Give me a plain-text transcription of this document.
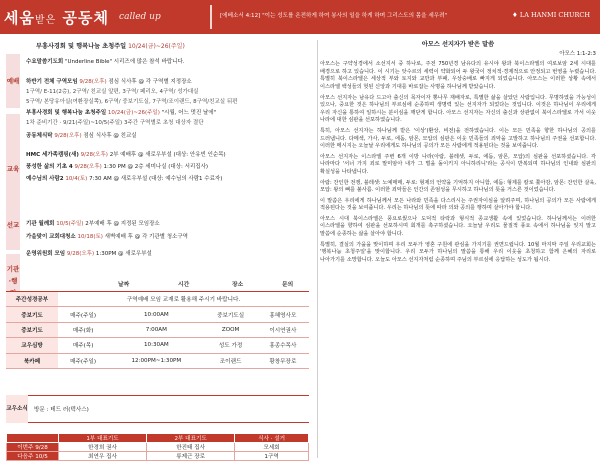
세움받은 공동체 called up	[에베소서 4:12] "이는 성도를 온전하게 하여 봉사의 일을 하게 하며 그리스도의 몸을 세우려"	♦ LA HANMI CHURCH
부흥사경회 및 행복나눔 초청주일 10/24(금)~26(주일)
예배
교육
선교
기관·행
수요말씀기도회 "Underline Bible" 시리즈에 많은 참석 바랍니다.
하반기 전체 구역모임 9/28(오후) 점심 식사후 @ 각 구역별 지정장소
1구역/ E-11(2층), 2구역/ 친교실 앞편, 3구역/ 페리오, 4구역/ 성가대실
5구역/ 본당유아실(여환장실쪽), 6구역/ 중보기도실, 7구역/조이랜드, 8구역/친교실 뒤편
부흥사경회 및 행복나눔 초청주일 10/24(금)~26(주일) "시월, 어느 멋진 날에"
1차 준비기간 · 9/21(주일)~10/5(주일) 3주간 구역별로 초청 대상자 결단
공동체식탁 9/28(오후) 점심 식사후 @ 친교실
HMC 세가족캠핑(새) 9/28(오후) 2부 예배후 @ 새로우부설 (대상: 안유빈 인순목)
풍성한 삶의 기초 4 9/28(오후) 1:30 PM @ 2층 세미나실 (대상: 서리집사)
예수님의 사람2 10/4(토) 7:30 AM @ 새로우부설 (대상: 예수님의 사람1 수료자)
기관 월례회 10/5(주일) 2부예배 후 @ 지정된 모임장소
가을맞이 교회대청소 10/18(토) 새벽예배 후 @ 각 기관별 청소구역
운영위원회 모임 9/28(오후) 1:30PM @ 새로우부설
날짜	시간	장소	문의
주간성경공부	구역예배 모임 교재로 활용해 주시기 바랍니다.			
중보기도	매주(주일)	10:00AM	중보기도실	홍혜영사모
중보기도	매주(화)	7:00AM	ZOOM	이시연권사
교우심방	매주(목)	10:30AM	성도 가정	홍종수목사
북카페	매주(주일)	12:00PM~1:30PM	조이랜드	황창무장로
교우소식 방문 : 테드 러(텍사스)
	1부 대표기도	2부 대표기도	식사 · 설거
이번주 9/28	한경희 권사	한진태 집사	모세회
다음주 10/5	최연우 집사	류제근 장로	1구역
아모스 선지자가 받은 말씀
아모스 1:1-2:3

아모스는 구약성경에서 소선지서 중 하나로, 주전 750년경 남유다의 유시야 왕과 북이스라엘의 여로보암 2세 시대를 배경으로 하고 있습니다. 이 시기는 앗수르의 세력이 약화되어 두 왕국이 정치적·경제적으로 안정되고 번영을 누렸습니다. 특별히 북이스라엘은 세상적 부와 토지와 교만과 부패, 우상숭배로 빠지게 되었습니다. 아모스는 이러한 상황 속에서 이스라엘 백성들의 헛된 신앙과 기대를 바로잡는 사명을 하나님께 받았습니다.

아모스 선지자는 남유다 드고아 출신의 목자이자 뽕나무 재배자로, 특별한 삶을 살았던 사람입니다. 무명하였을 가능성이 있으나, 중요한 것은 하나님의 부르심에 순종하며 생명력 있는 선지자가 되었다는 것입니다. 이것은 하나님이 우리에게 우리 자신을 통하여 일하시는 분이심을 깨닫게 합니다. 아모스 선지자는 자신의 출신과 상관없이 북이스라엘로 가서 이웃 나라에 대한 심판을 선포하였습니다.

특히, 아모스 선지자는 하나님께 받은 '이상'(환상, 비전)을 전하였습니다. 이는 모든 민족을 향한 하나님의 공의를 드러냅니다. 다메섹, 가사, 두로, 에돔, 암몬, 모압의 심판은 이웃 민족들의 죄악을 고발하고 하나님의 주권을 선포합니다. 이러한 메시지는 오늘날 우리에게도 하나님의 공의가 모든 사람에게 적용된다는 것을 보여줍니다.

아모스 선지자는 이스라엘 주변 6개 이방 나라(아람, 블레셋, 두로, 에돔, 암몬, 모압)의 심판을 선포하셨습니다. 각 나라마다 '서너 가지 죄로 말미암아 내가 그 벌을 돌이키지 아니하리니'라는 공식이 반복되며 하나님의 인내와 심판의 확실성을 나타냅니다.

아람: 잔인한 전쟁, 블레셋: 노예매매, 두로: 형제의 언약을 기억하지 아니함, 에돔: 형제를 칼로 쫓아감, 암몬: 잔인한 살육, 모압: 왕의 뼈를 불사름. 이러한 죄악들은 인간의 존엄성을 무시하고 하나님의 뜻을 거스른 것이었습니다.

이 말씀은 우리에게 하나님께서 모든 나라와 민족을 다스리시는 주권자이심을 알려주며, 하나님의 공의가 모든 사람에게 적용된다는 것을 보여줍니다. 우리는 하나님의 뜻에 따라 의와 공의를 행하며 살아가야 합니다.

아모스 시대 북이스라엘은 풍요로웠으나 도덕적 타락과 형식적 종교생활 속에 있었습니다. 하나님께서는 이러한 이스라엘을 향하여 심판을 선포하시며 회개를 촉구하셨습니다. 오늘날 우리도 물질적 풍요 속에서 하나님을 잊지 말고 말씀에 순종하는 삶을 살아야 합니다.

특별히, 결실의 가을을 맞이하며 우리 모두가 영혼 구원에 관심을 가지기를 권면드립니다. 10월 마지막 주일 우리교회는 '행복나눔 초청주일'을 맞이합니다. 우리 모두가 하나님의 말씀을 통해 우리 이웃을 초청하고 함께 은혜의 자리로 나아가기를 소망합니다. 오늘도 아모스 선지자처럼 순종하며 주님의 부르심에 응답하는 성도가 됩시다.
